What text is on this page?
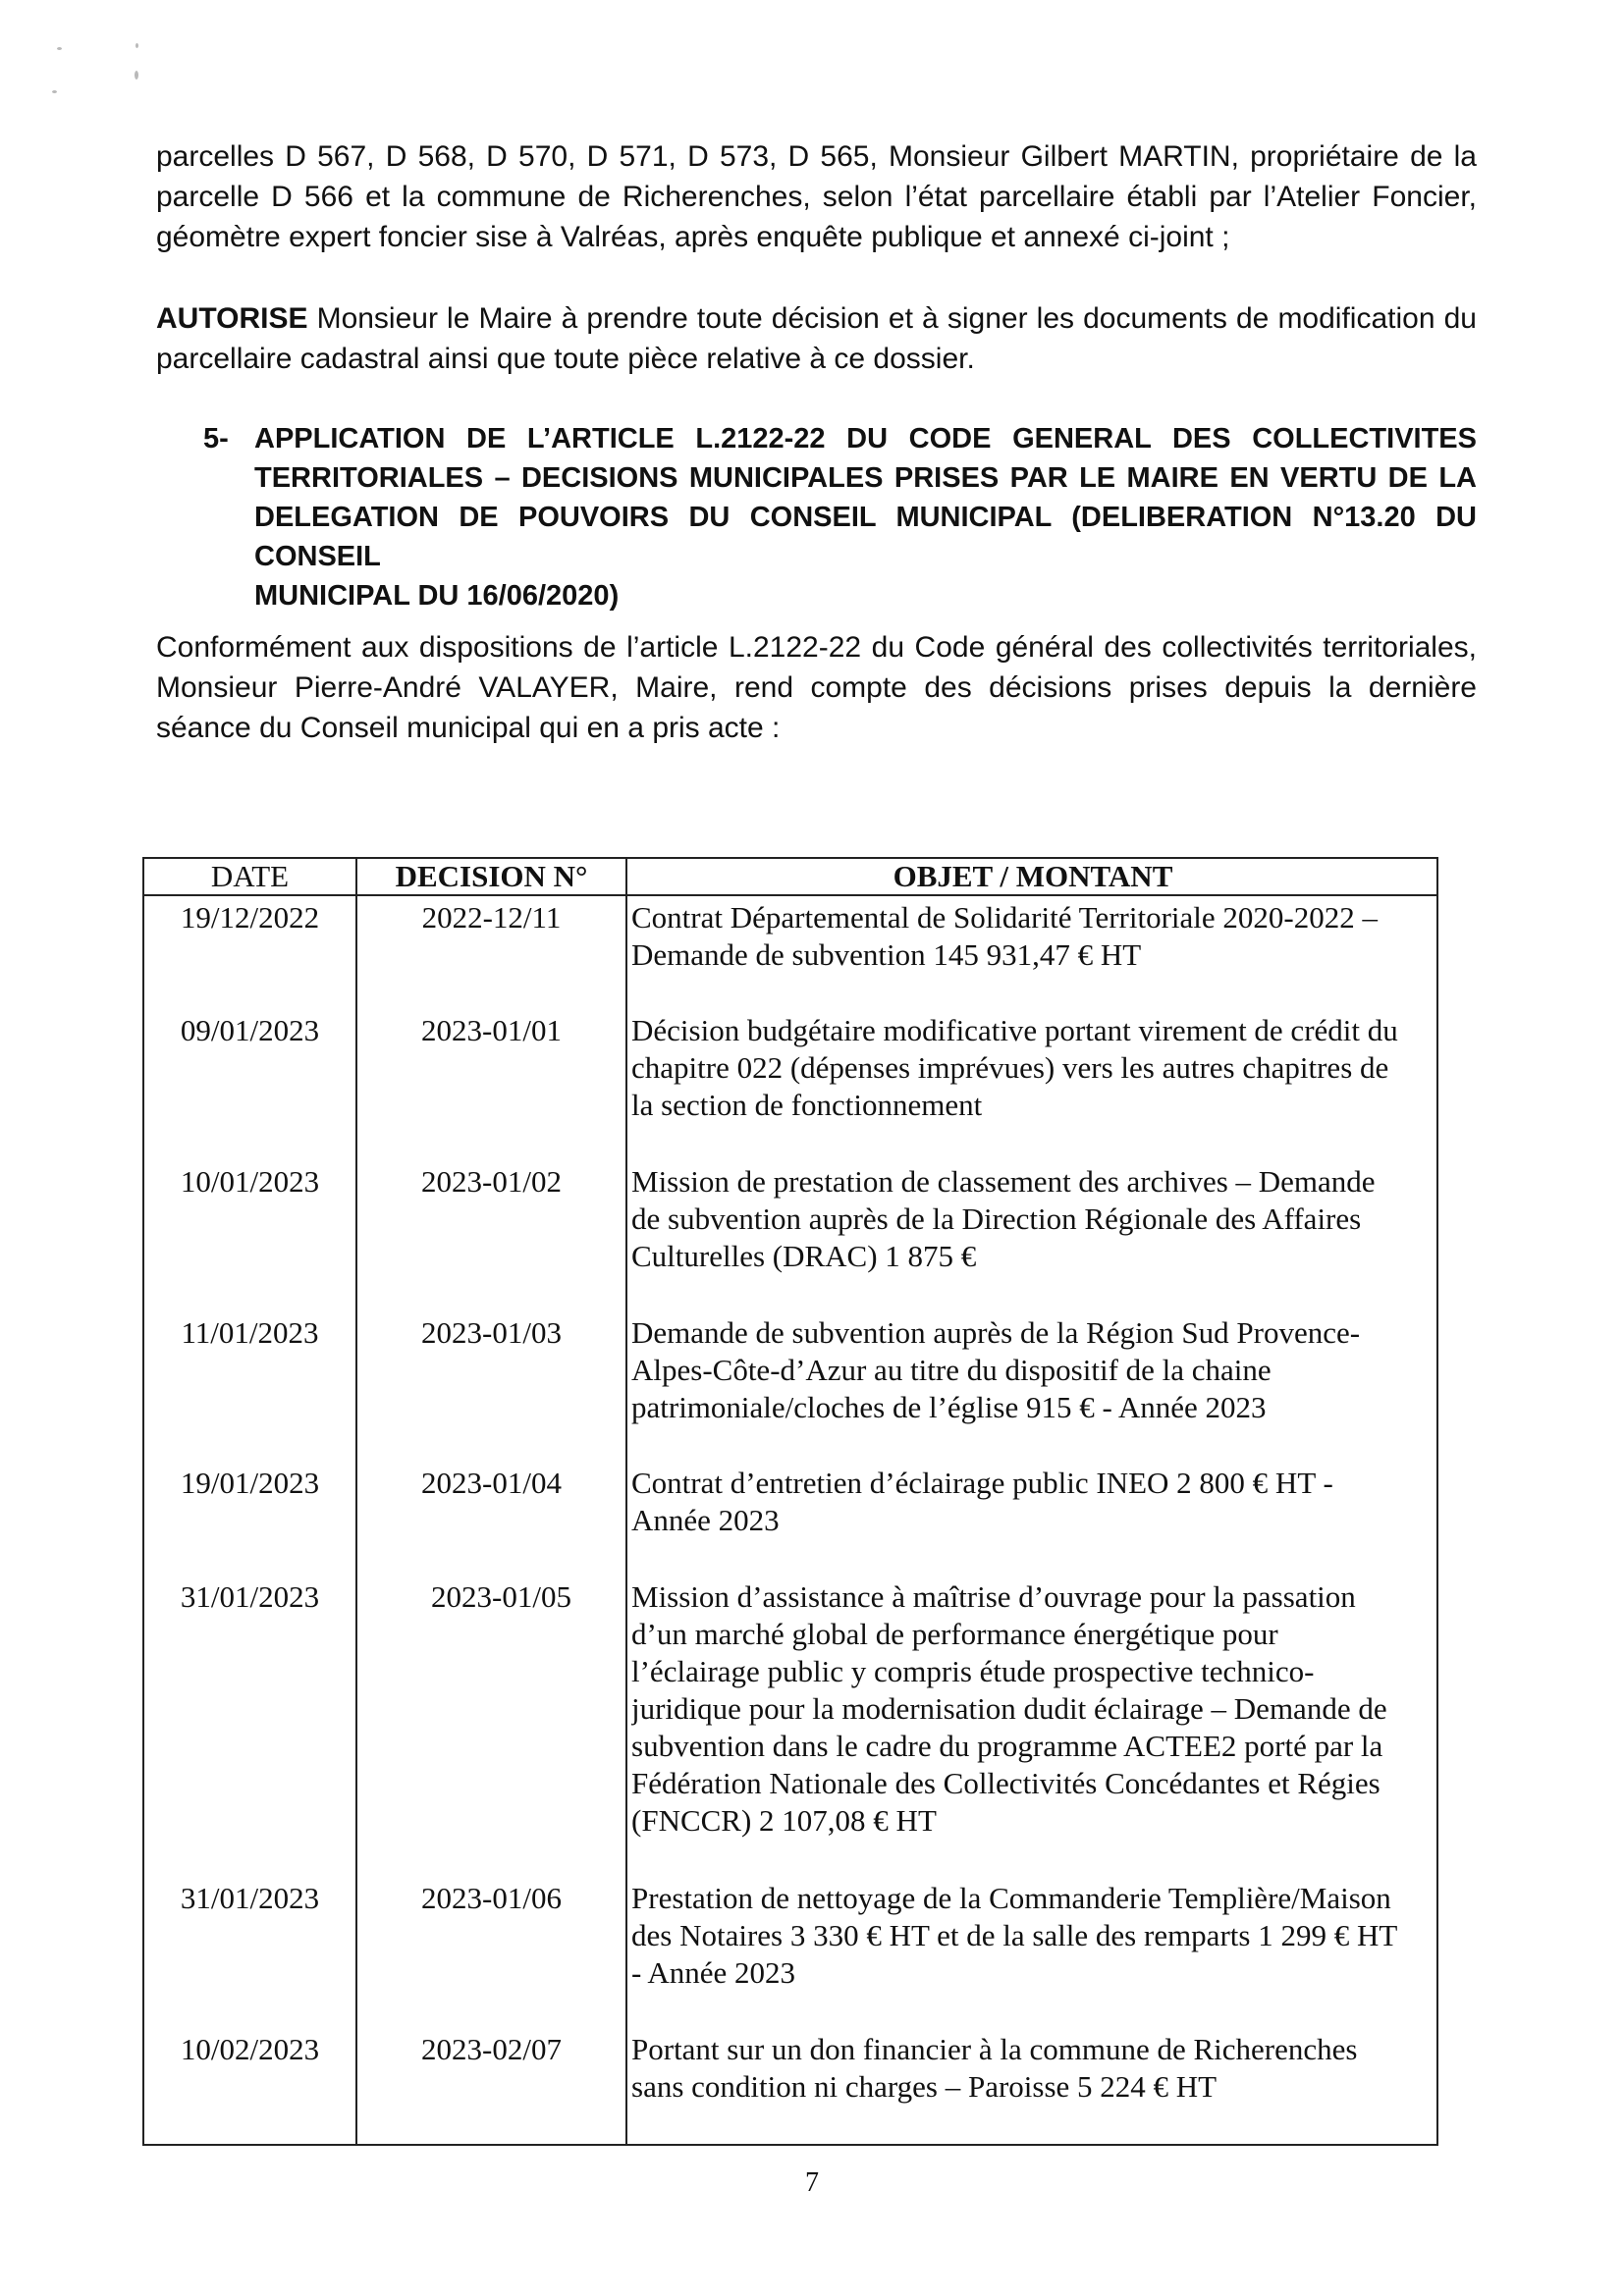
parcelles D 567, D 568, D 570, D 571, D 573, D 565, Monsieur Gilbert MARTIN, propriétaire de la
parcelle D 566 et la commune de Richerenches, selon l’état parcellaire établi par l’Atelier Foncier,
géomètre expert foncier sise à Valréas, après enquête publique et annexé ci-joint ;
AUTORISE Monsieur le Maire à prendre toute décision et à signer les documents de modification du
parcellaire cadastral ainsi que toute pièce relative à ce dossier.
5- APPLICATION DE L’ARTICLE L.2122-22 DU CODE GENERAL DES COLLECTIVITES
TERRITORIALES – DECISIONS MUNICIPALES PRISES PAR LE MAIRE EN VERTU DE LA
DELEGATION DE POUVOIRS DU CONSEIL MUNICIPAL (DELIBERATION N°13.20 DU CONSEIL
MUNICIPAL DU 16/06/2020)
Conformément aux dispositions de l’article L.2122-22 du Code général des collectivités territoriales,
Monsieur Pierre-André VALAYER, Maire, rend compte des décisions prises depuis la dernière
séance du Conseil municipal qui en a pris acte :
DATE	DECISION N°	OBJET / MONTANT
19/12/2022	2022-12/11	Contrat Départemental de Solidarité Territoriale 2020-2022 –
Demande de subvention 145 931,47 € HT
09/01/2023	2023-01/01	Décision budgétaire modificative portant virement de crédit du
chapitre 022 (dépenses imprévues) vers les autres chapitres de
la section de fonctionnement
10/01/2023	2023-01/02	Mission de prestation de classement des archives – Demande
de subvention auprès de la Direction Régionale des Affaires
Culturelles (DRAC) 1 875 €
11/01/2023	2023-01/03	Demande de subvention auprès de la Région Sud Provence-
Alpes-Côte-d’Azur au titre du dispositif de la chaine
patrimoniale/cloches de l’église 915 € - Année 2023
19/01/2023	2023-01/04	Contrat d’entretien d’éclairage public INEO 2 800 € HT -
Année 2023
31/01/2023	2023-01/05	Mission d’assistance à maîtrise d’ouvrage pour la passation
d’un marché global de performance énergétique pour
l’éclairage public y compris étude prospective technico-
juridique pour la modernisation dudit éclairage – Demande de
subvention dans le cadre du programme ACTEE2 porté par la
Fédération Nationale des Collectivités Concédantes et Régies
(FNCCR) 2 107,08 € HT
31/01/2023	2023-01/06	Prestation de nettoyage de la Commanderie Templière/Maison
des Notaires 3 330 € HT et de la salle des remparts 1 299 € HT
- Année 2023
10/02/2023	2023-02/07	Portant sur un don financier à la commune de Richerenches
sans condition ni charges – Paroisse 5 224 € HT
7
